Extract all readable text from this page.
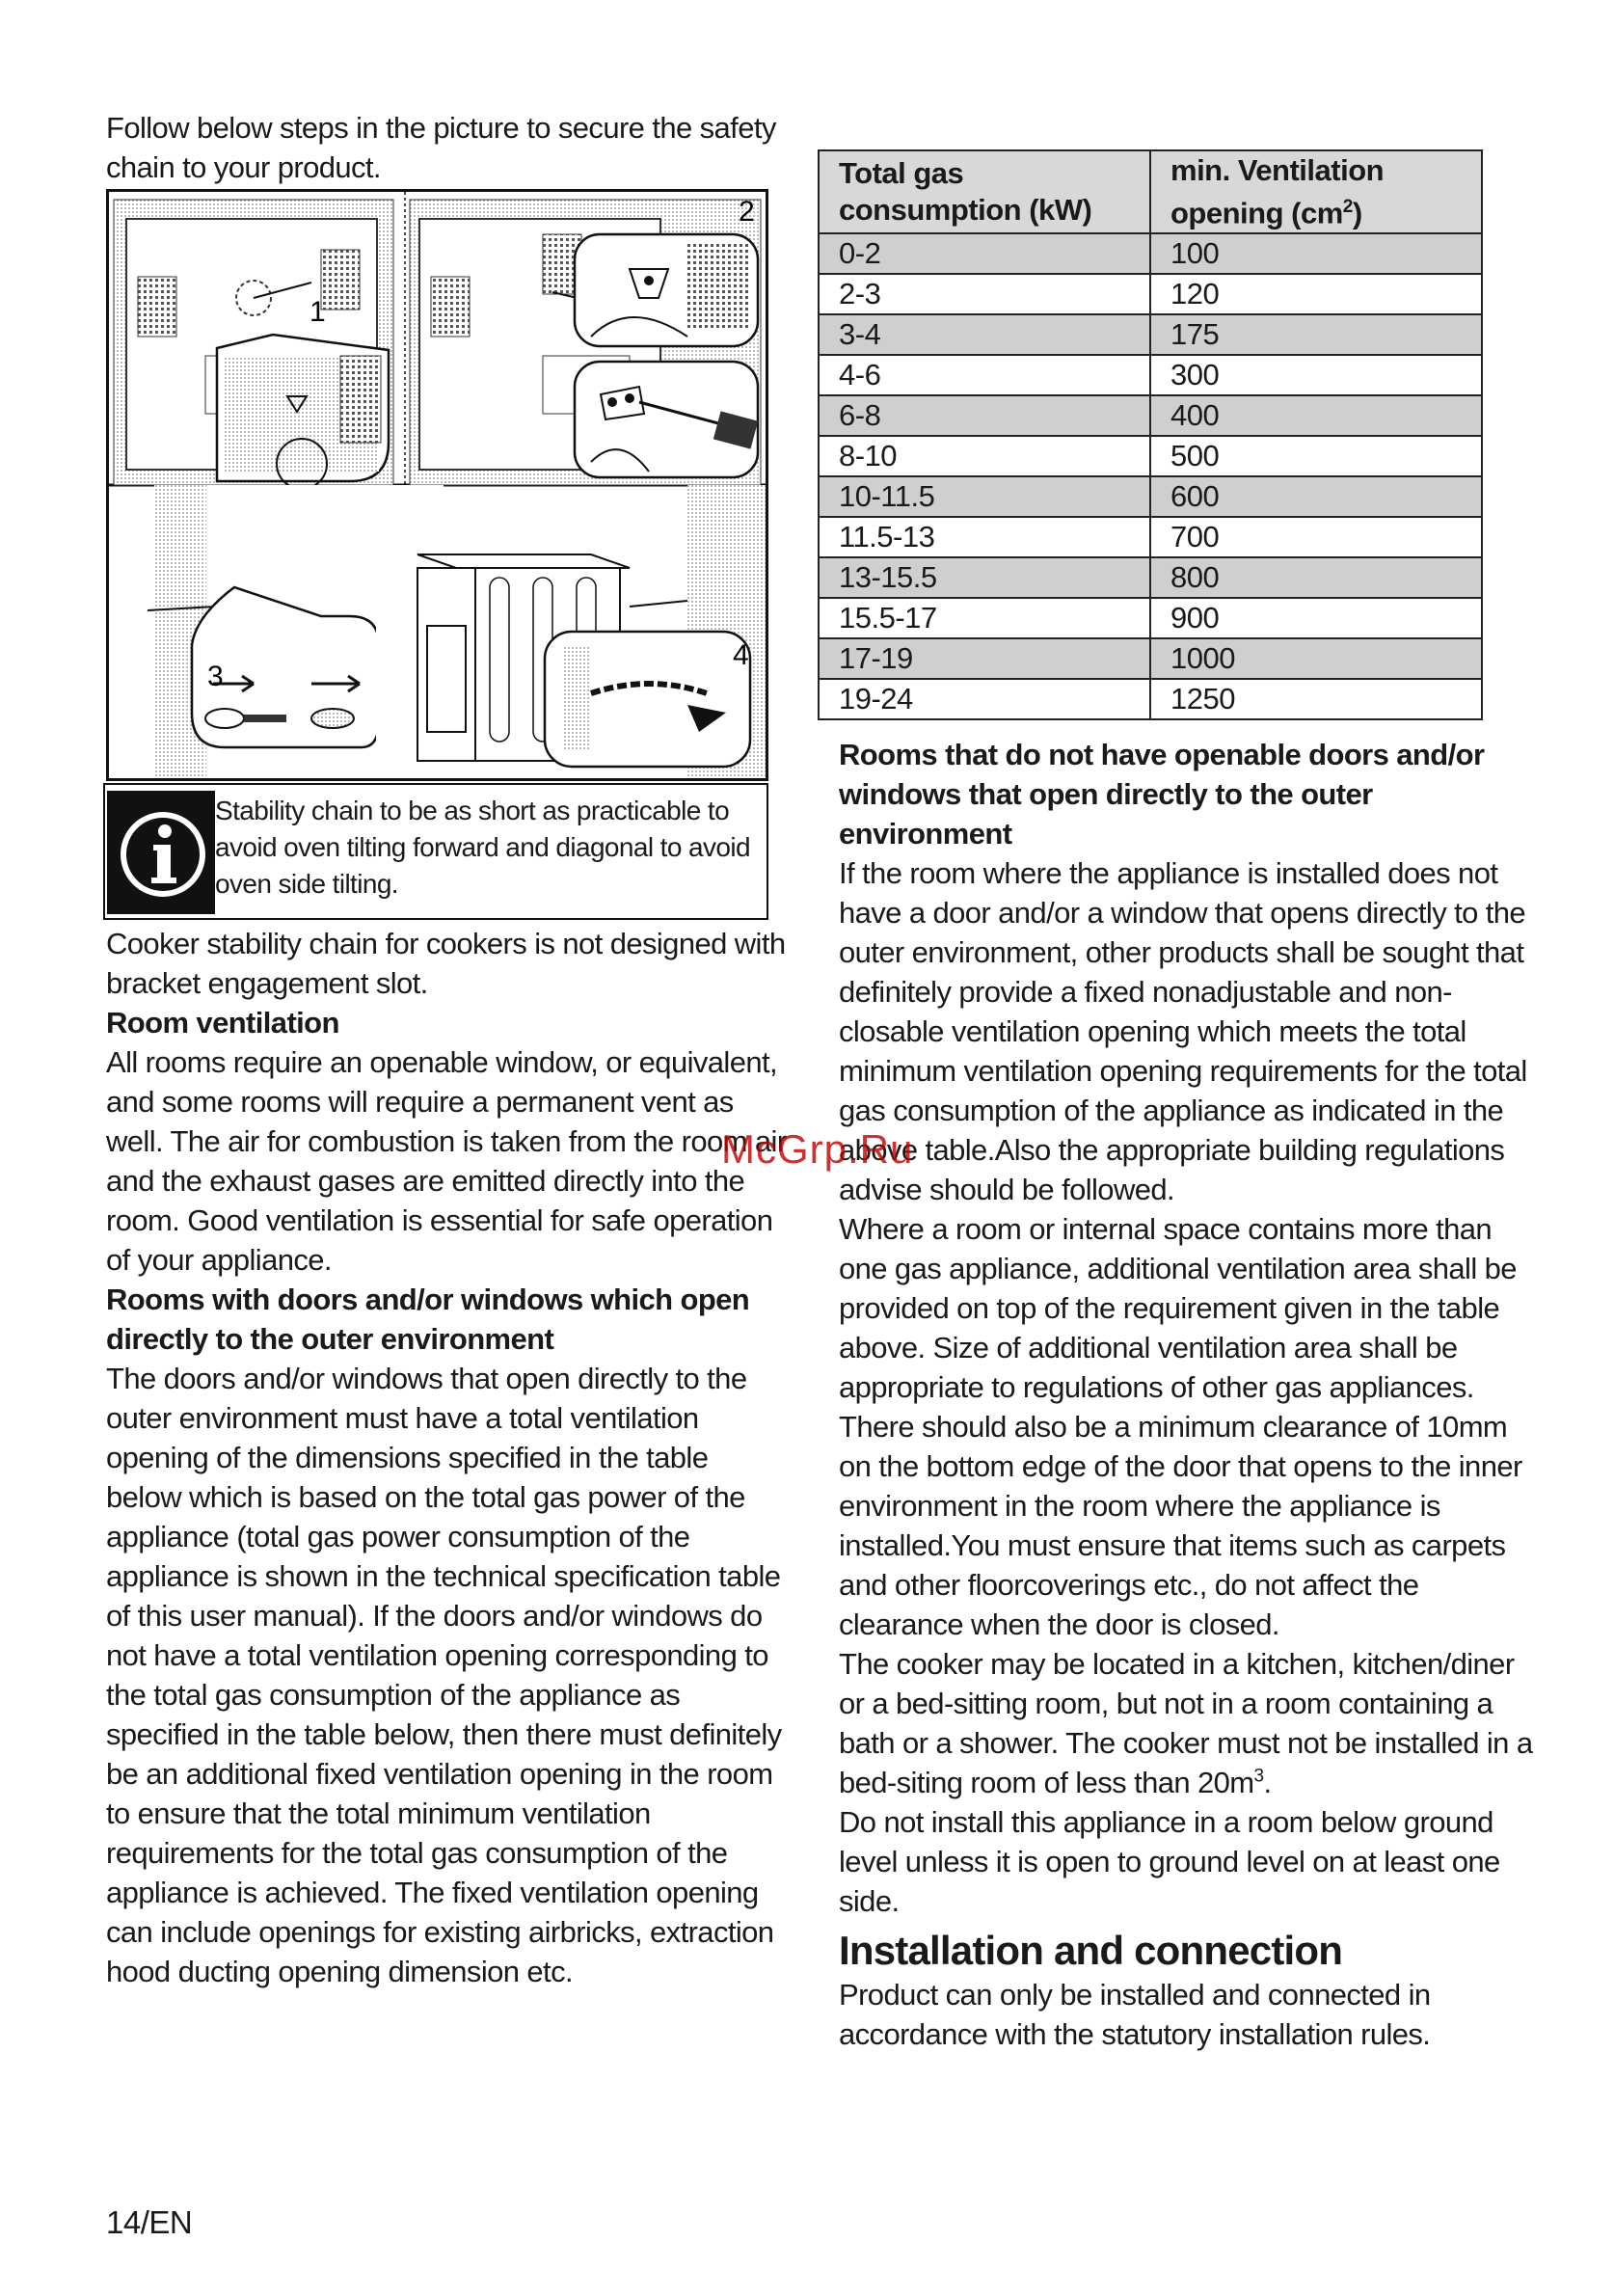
Follow below steps in the picture to secure the safety chain to your product.
1
2
3
4
Stability chain to be as short as practicable to avoid oven tilting forward and diagonal to avoid oven side tilting.
Cooker stability chain for cookers is not designed with bracket engagement slot.
Room ventilation
All rooms require an openable window, or equivalent, and some rooms will require a permanent vent as well. The air for combustion is taken from the room air and the exhaust gases are emitted directly into the room. Good ventilation is essential for safe operation of your appliance.
Rooms with doors and/or windows which open directly to the outer environment
The doors and/or windows that open directly to the outer environment must have a total ventilation opening of the dimensions specified in the table below which is based on the total gas power of the appliance (total gas power consumption of the appliance is shown in the technical specification table of this user manual). If the doors and/or windows do not have a total ventilation opening corresponding to the total gas consumption of the appliance as specified in the table below, then there must definitely be an additional fixed ventilation opening in the room to ensure that the total minimum ventilation requirements for the total gas consumption of the appliance is achieved. The fixed ventilation opening can include openings for existing airbricks, extraction hood ducting opening dimension etc.
Total gas consumption (kW)	min. Ventilation opening $(cm^2)$
0-2	100
2-3	120
3-4	175
4-6	300
6-8	400
8-10	500
10-11.5	600
11.5-13	700
13-15.5	800
15.5-17	900
17-19	1000
19-24	1250
Rooms that do not have openable doors and/or windows that open directly to the outer environment
If the room where the appliance is installed does not have a door and/or a window that opens directly to the outer environment, other products shall be sought that definitely provide a fixed nonadjustable and non-closable ventilation opening which meets the total minimum ventilation opening requirements for the total gas consumption of the appliance as indicated in the above table.Also the appropriate building regulations advise should be followed.
Where a room or internal space contains more than one gas appliance, additional ventilation area shall be provided on top of the requirement given in the table above. Size of additional ventilation area shall be appropriate to regulations of other gas appliances.
There should also be a minimum clearance of 10mm on the bottom edge of the door that opens to the inner environment in the room where the appliance is installed.You must ensure that items such as carpets and other floorcoverings etc., do not affect the clearance when the door is closed.
The cooker may be located in a kitchen, kitchen/diner or a bed-sitting room, but not in a room containing a bath or a shower. The cooker must not be installed in a bed-siting room of less than $20m^3$.
Do not install this appliance in a room below ground level unless it is open to ground level on at least one side.
Installation and connection
Product can only be installed and connected in accordance with the statutory installation rules.
McGrp.Ru
14/EN
